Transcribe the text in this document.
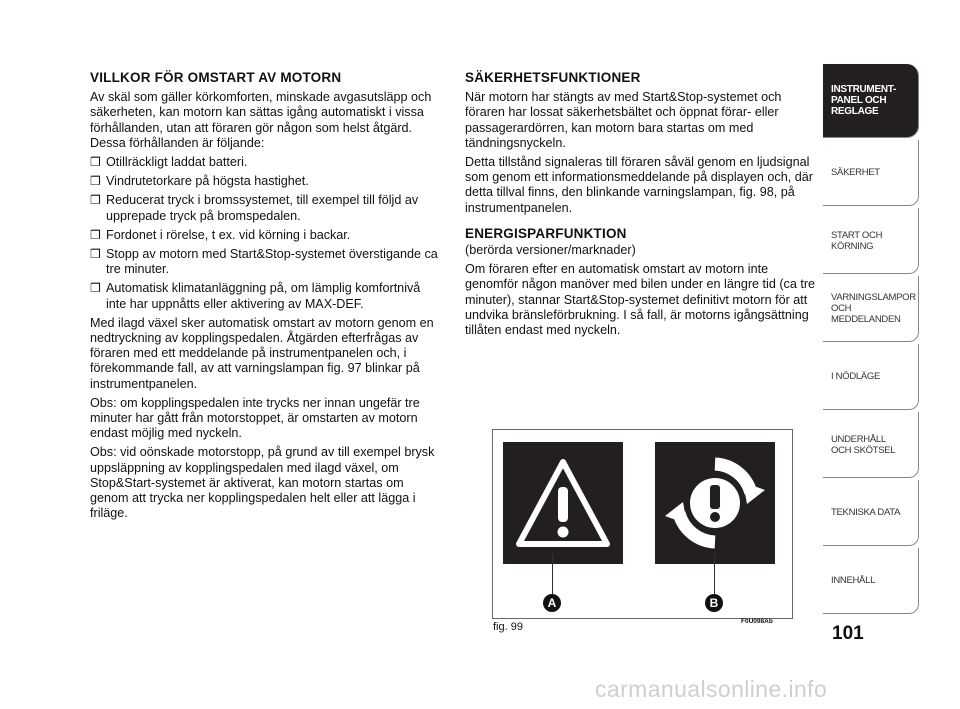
VILLKOR FÖR OMSTART AV MOTORN

Av skäl som gäller körkomforten, minskade avgasutsläpp och säkerheten, kan motorn kan sättas igång automatiskt i vissa förhållanden, utan att föraren gör någon som helst åtgärd. Dessa förhållanden är följande:

❒ Otillräckligt laddat batteri.
❒ Vindrutetorkare på högsta hastighet.
❒ Reducerat tryck i bromssystemet, till exempel till följd av upprepade tryck på bromspedalen.
❒ Fordonet i rörelse, t ex. vid körning i backar.
❒ Stopp av motorn med Start&Stop-systemet överstigande ca tre minuter.
❒ Automatisk klimatanläggning på, om lämplig komfortnivå inte har uppnåtts eller aktivering av MAX-DEF.

Med ilagd växel sker automatisk omstart av motorn genom en nedtryckning av kopplingspedalen. Åtgärden efterfrågas av föraren med ett meddelande på instrumentpanelen och, i förekommande fall, av att varningslampan fig. 97 blinkar på instrumentpanelen.

Obs: om kopplingspedalen inte trycks ner innan ungefär tre minuter har gått från motorstoppet, är omstarten av motorn endast möjlig med nyckeln.

Obs: vid oönskade motorstopp, på grund av till exempel brysk uppsläppning av kopplingspedalen med ilagd växel, om Stop&Start-systemet är aktiverat, kan motorn startas om genom att trycka ner kopplingspedalen helt eller att lägga i friläge.

SÄKERHETSFUNKTIONER

När motorn har stängts av med Start&Stop-systemet och föraren har lossat säkerhetsbältet och öppnat förar- eller passagerardörren, kan motorn bara startas om med tändningsnyckeln.

Detta tillstånd signaleras till föraren såväl genom en ljudsignal som genom ett informationsmeddelande på displayen och, där detta tillval finns, den blinkande varningslampan, fig. 98, på instrumentpanelen.

ENERGISPARFUNKTION

(berörda versioner/marknader)

Om föraren efter en automatisk omstart av motorn inte genomför någon manöver med bilen under en längre tid (ca tre minuter), stannar Start&Stop-systemet definitivt motorn för att undvika bränsleförbrukning. I så fall, är motorns igångsättning tillåten endast med nyckeln.

A	B
fig. 99	F0U098Ab
INSTRUMENT-
PANEL OCH
REGLAGE
SÄKERHET
START OCH
KÖRNING
VARNINGSLAMPOR
OCH
MEDDELANDEN
I NÖDLÄGE
UNDERHÅLL
OCH SKÖTSEL
TEKNISKA DATA
INNEHÅLL
101
carmanualsonline.info
